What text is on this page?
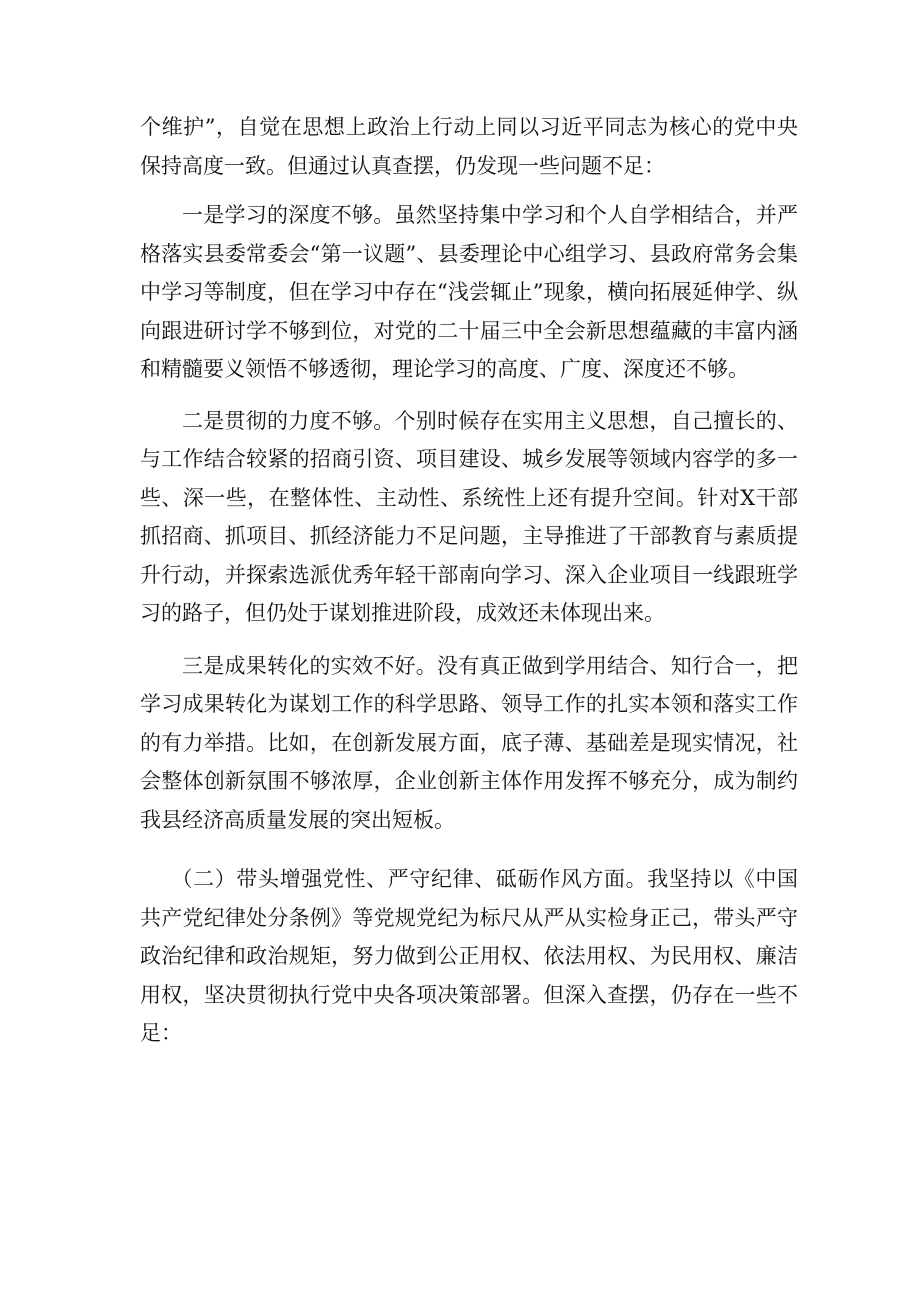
个维护”，自觉在思想上政治上行动上同以习近平同志为核心的党中央保持高度一致。但通过认真查摆，仍发现一些问题不足：

一是学习的深度不够。虽然坚持集中学习和个人自学相结合，并严格落实县委常委会“第一议题”、县委理论中心组学习、县政府常务会集中学习等制度，但在学习中存在“浅尝辄止”现象，横向拓展延伸学、纵向跟进研讨学不够到位，对党的二十届三中全会新思想蕴藏的丰富内涵和精髓要义领悟不够透彻，理论学习的高度、广度、深度还不够。

二是贯彻的力度不够。个别时候存在实用主义思想，自己擅长的、与工作结合较紧的招商引资、项目建设、城乡发展等领域内容学的多一些、深一些，在整体性、主动性、系统性上还有提升空间。针对X干部抓招商、抓项目、抓经济能力不足问题，主导推进了干部教育与素质提升行动，并探索选派优秀年轻干部南向学习、深入企业项目一线跟班学习的路子，但仍处于谋划推进阶段，成效还未体现出来。

三是成果转化的实效不好。没有真正做到学用结合、知行合一，把学习成果转化为谋划工作的科学思路、领导工作的扎实本领和落实工作的有力举措。比如，在创新发展方面，底子薄、基础差是现实情况，社会整体创新氛围不够浓厚，企业创新主体作用发挥不够充分，成为制约我县经济高质量发展的突出短板。

（二）带头增强党性、严守纪律、砥砺作风方面。我坚持以《中国共产党纪律处分条例》等党规党纪为标尺从严从实检身正己，带头严守政治纪律和政治规矩，努力做到公正用权、依法用权、为民用权、廉洁用权，坚决贯彻执行党中央各项决策部署。但深入查摆，仍存在一些不足：
